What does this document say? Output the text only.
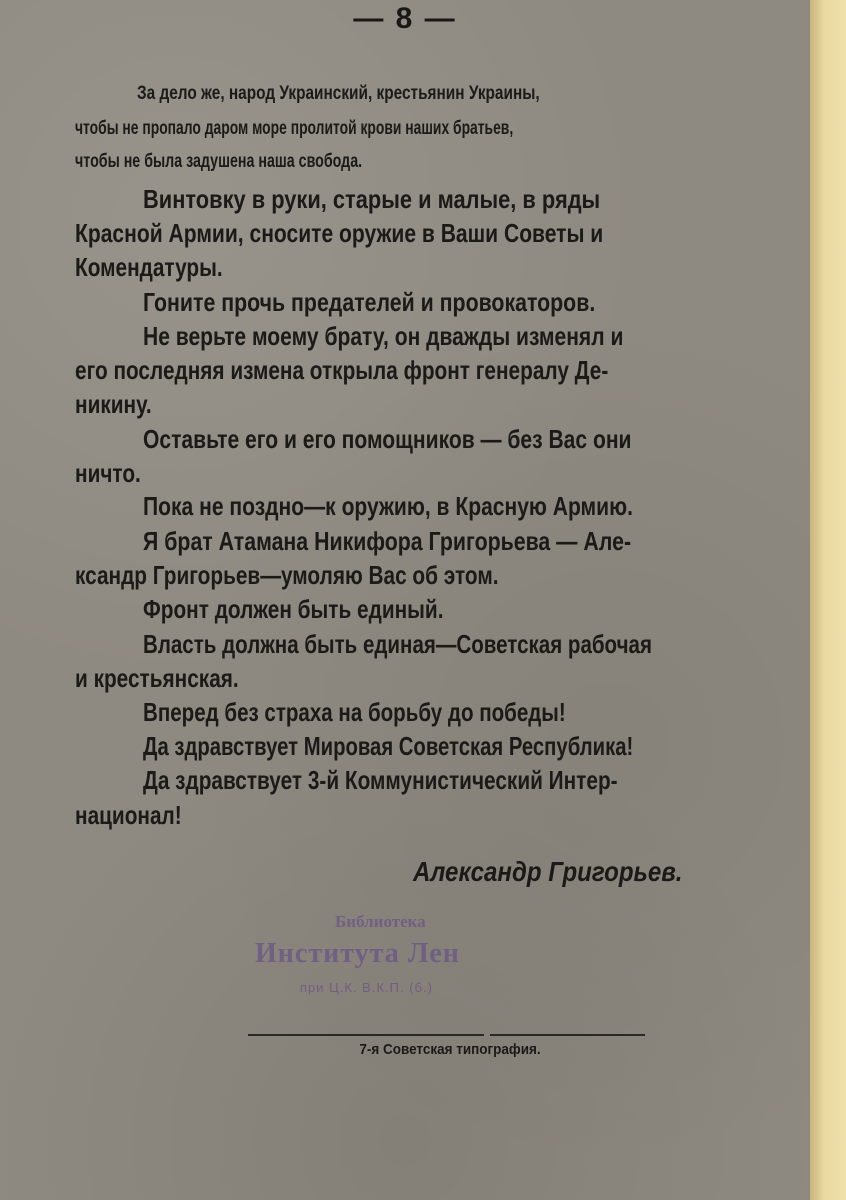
— 8 —
За дело же, народ Украинский, крестьянин Украины,
чтобы не пропало даром море пролитой крови наших братьев,
чтобы не была задушена наша свобода.
Винтовку в руки, старые и малые, в ряды
Красной Армии, сносите оружие в Ваши Советы и
Комендатуры.
Гоните прочь предателей и провокаторов.
Не верьте моему брату, он дважды изменял и
его последняя измена открыла фронт генералу Де-
никину.
Оставьте его и его помощников — без Вас они
ничто.
Пока не поздно—к оружию, в Красную Армию.
Я брат Атамана Никифора Григорьева — Але-
ксандр Григорьев—умоляю Вас об этом.
Фронт должен быть единый.
Власть должна быть единая—Советская рабочая
и крестьянская.
Вперед без страха на борьбу до победы!
Да здравствует Мировая Советская Республика!
Да здравствует 3-й Коммунистический Интер-
национал!
Александр Григорьев.
Библиотека
Института Лен
при Ц.К. В.К.П. (б.)
7-я Советская типография.
